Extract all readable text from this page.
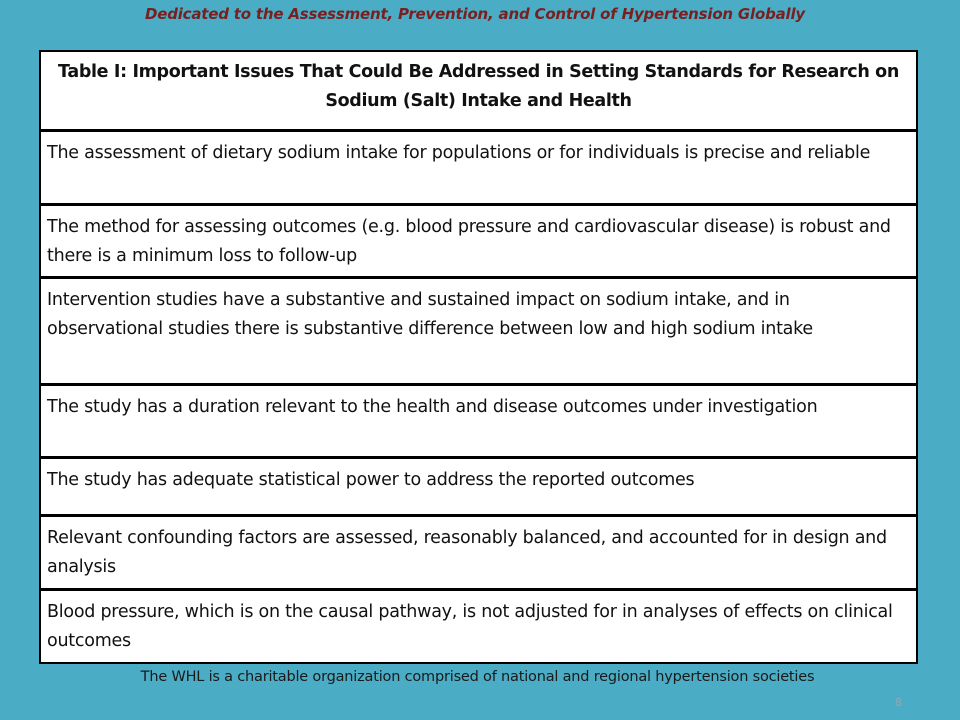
Dedicated to the Assessment, Prevention, and Control of Hypertension Globally
Table I: Important Issues That Could Be Addressed in Setting Standards for Research on Sodium (Salt) Intake and Health
The assessment of dietary sodium intake for populations or for individuals is precise and reliable
The method for assessing outcomes (e.g. blood pressure and cardiovascular disease) is robust and there is a minimum loss to follow-up
Intervention studies have a substantive and sustained impact on sodium intake, and in observational studies there is substantive difference between low and high sodium intake
The study has a duration relevant to the health and disease outcomes under investigation
The study has adequate statistical power to address the reported outcomes
Relevant confounding factors are assessed, reasonably balanced, and accounted for in design and analysis
Blood pressure, which is on the causal pathway, is not adjusted for in analyses of effects on clinical outcomes
The WHL is a charitable organization comprised of national and regional hypertension societies
8
